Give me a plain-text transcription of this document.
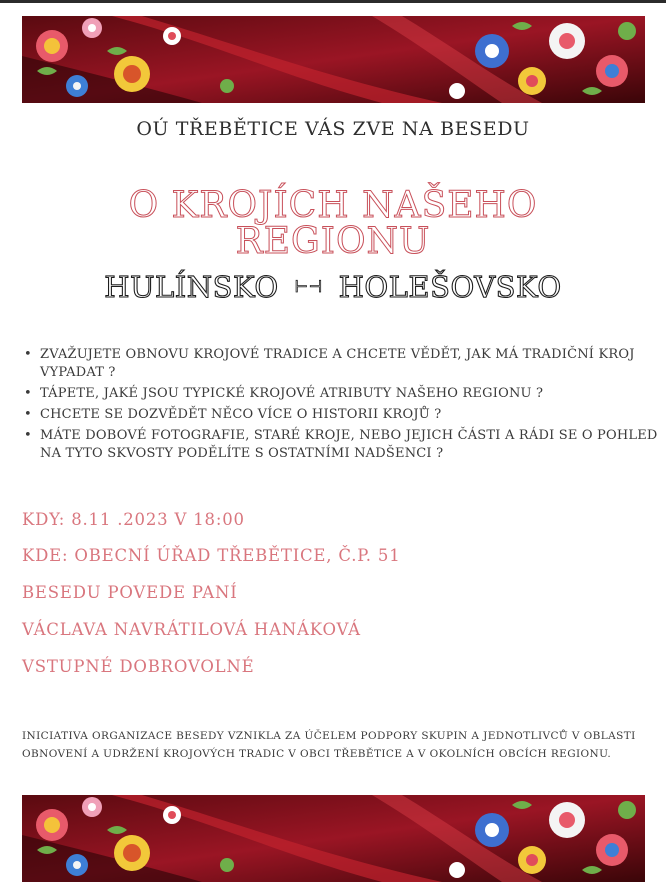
OÚ TŘEBĚTICE VÁS ZVE NA BESEDU
O KROJÍCH NAŠEHO
REGIONU
HULÍNSKO ⊢⊣ HOLEŠOVSKO
• ZVAŽUJETE OBNOVU KROJOVÉ TRADICE A CHCETE VĚDĚT, JAK MÁ TRADIČNÍ KROJ VYPADAT ?
• TÁPETE, JAKÉ JSOU TYPICKÉ KROJOVÉ ATRIBUTY NAŠEHO REGIONU ?
• CHCETE SE DOZVĚDĚT NĚCO VÍCE O HISTORII KROJŮ ?
• MÁTE DOBOVÉ FOTOGRAFIE, STARÉ KROJE, NEBO JEJICH ČÁSTI A RÁDI SE O POHLED NA TYTO SKVOSTY PODĚLÍTE S OSTATNÍMI NADŠENCI ?
KDY: 8.11 .2023 V 18:00
KDE: OBECNÍ ÚŘAD TŘEBĚTICE, Č.P. 51
BESEDU POVEDE PANÍ
VÁCLAVA NAVRÁTILOVÁ HANÁKOVÁ
VSTUPNÉ DOBROVOLNÉ
INICIATIVA ORGANIZACE BESEDY VZNIKLA ZA ÚČELEM PODPORY SKUPIN A JEDNOTLIVCŮ V OBLASTI OBNOVENÍ A UDRŽENÍ KROJOVÝCH TRADIC V OBCI TŘEBĚTICE A V OKOLNÍCH OBCÍCH REGIONU.
